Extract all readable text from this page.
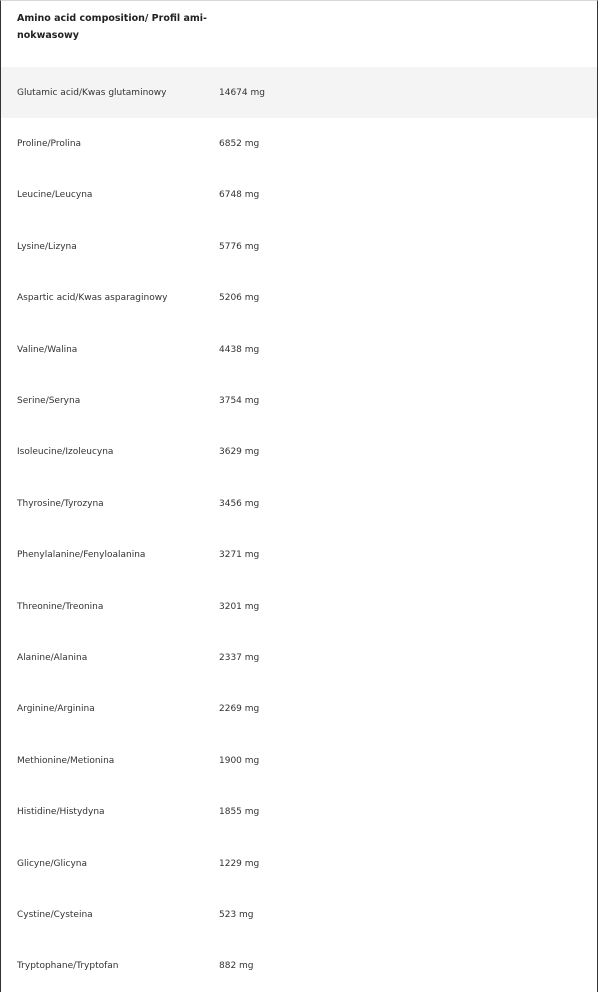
Amino acid composition/ Profil ami-nokwasowy
Glutamic acid/Kwas glutaminowy	14674 mg
Proline/Prolina	6852 mg
Leucine/Leucyna	6748 mg
Lysine/Lizyna	5776 mg
Aspartic acid/Kwas asparaginowy	5206 mg
Valine/Walina	4438 mg
Serine/Seryna	3754 mg
Isoleucine/Izoleucyna	3629 mg
Thyrosine/Tyrozyna	3456 mg
Phenylalanine/Fenyloalanina	3271 mg
Threonine/Treonina	3201 mg
Alanine/Alanina	2337 mg
Arginine/Arginina	2269 mg
Methionine/Metionina	1900 mg
Histidine/Histydyna	1855 mg
Glicyne/Glicyna	1229 mg
Cystine/Cysteina	523 mg
Tryptophane/Tryptofan	882 mg
